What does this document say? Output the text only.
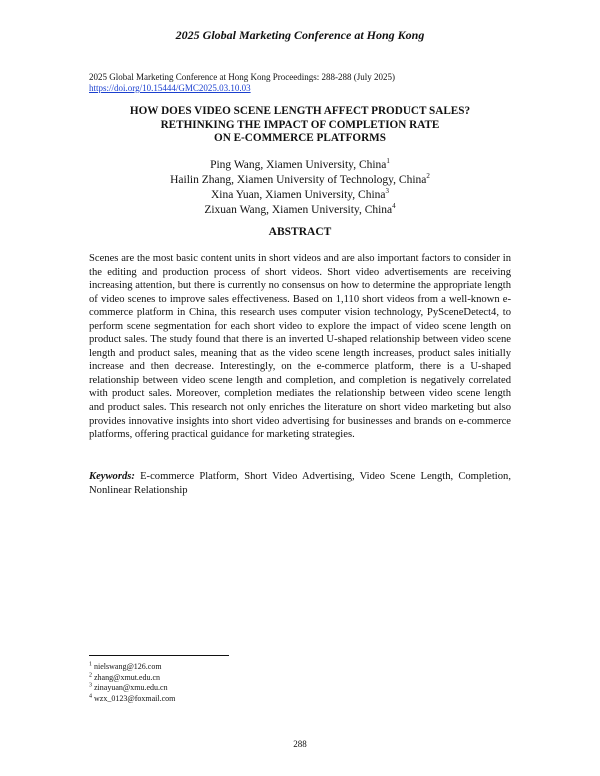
2025 Global Marketing Conference at Hong Kong
2025 Global Marketing Conference at Hong Kong Proceedings: 288-288 (July 2025)
https://doi.org/10.15444/GMC2025.03.10.03
HOW DOES VIDEO SCENE LENGTH AFFECT PRODUCT SALES?
RETHINKING THE IMPACT OF COMPLETION RATE
ON E-COMMERCE PLATFORMS
Ping Wang, Xiamen University, China$^1$
Hailin Zhang, Xiamen University of Technology, China$^2$
Xina Yuan, Xiamen University, China$^3$
Zixuan Wang, Xiamen University, China$^4$
ABSTRACT

Scenes are the most basic content units in short videos and are also important factors to consider in the editing and production process of short videos. Short video advertisements are receiving increasing attention, but there is currently no consensus on how to determine the appropriate length of video scenes to improve sales effectiveness. Based on 1,110 short videos from a well-known e-commerce platform in China, this research uses computer vision technology, PySceneDetect4, to perform scene segmentation for each short video to explore the impact of video scene length on product sales. The study found that there is an inverted U-shaped relationship between video scene length and product sales, meaning that as the video scene length increases, product sales initially increase and then decrease. Interestingly, on the e-commerce platform, there is a U-shaped relationship between video scene length and completion, and completion is negatively correlated with product sales. Moreover, completion mediates the relationship between video scene length and product sales. This research not only enriches the literature on short video marketing but also provides innovative insights into short video advertising for businesses and brands on e-commerce platforms, offering practical guidance for marketing strategies.

Keywords: E-commerce Platform, Short Video Advertising, Video Scene Length, Completion, Nonlinear Relationship

$^1$ nielswang@126.com
$^2$ zhang@xmut.edu.cn
$^3$ zinayuan@xmu.edu.cn
$^4$ wzx_0123@foxmail.com
288
